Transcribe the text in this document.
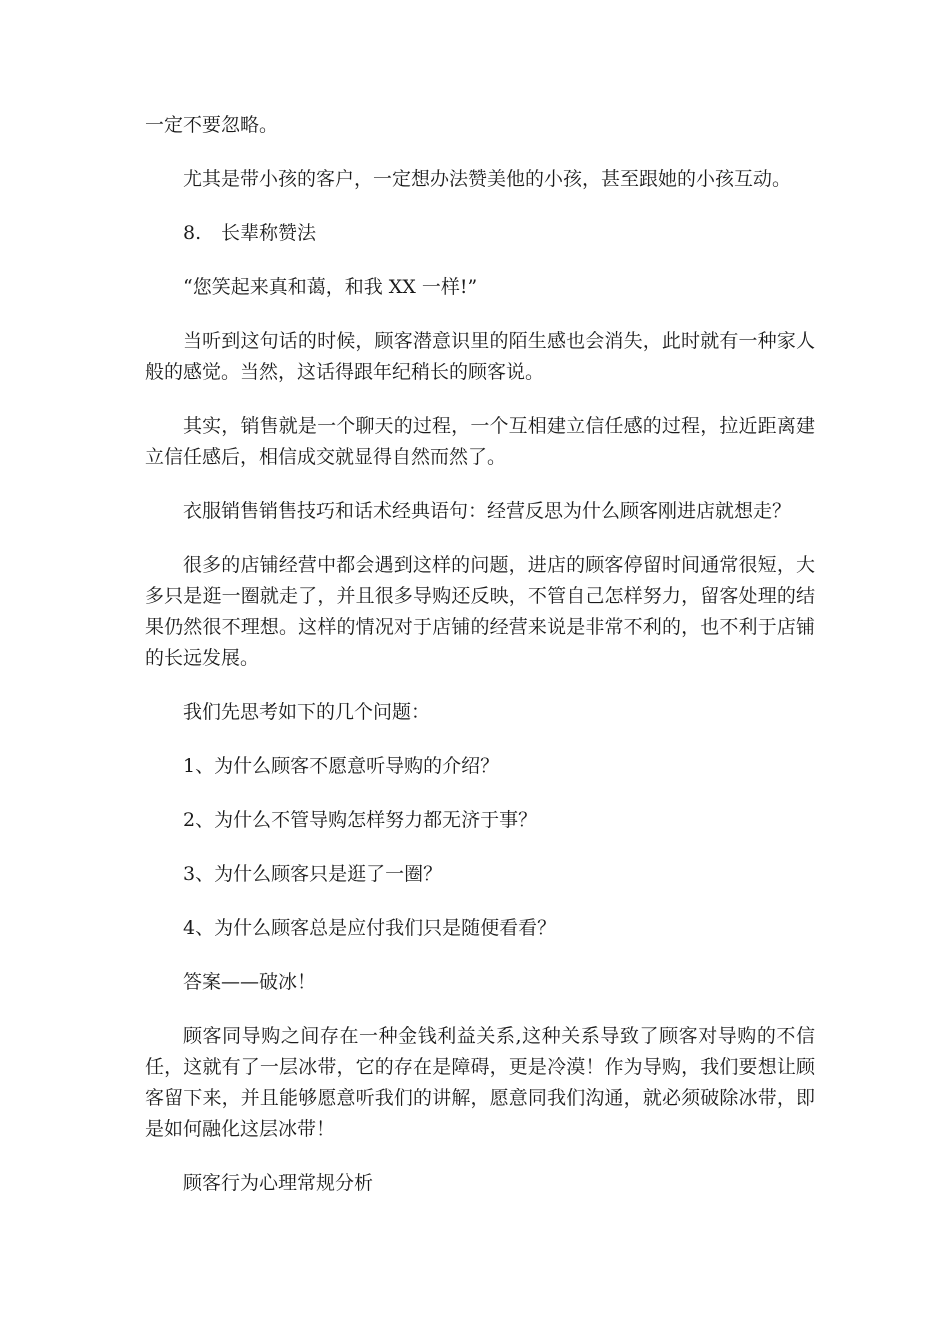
一定不要忽略。

尤其是带小孩的客户，一定想办法赞美他的小孩，甚至跟她的小孩互动。

8. 长辈称赞法

“您笑起来真和蔼，和我 XX 一样!”

当听到这句话的时候，顾客潜意识里的陌生感也会消失，此时就有一种家人般的感觉。当然，这话得跟年纪稍长的顾客说。

其实，销售就是一个聊天的过程，一个互相建立信任感的过程，拉近距离建立信任感后，相信成交就显得自然而然了。

衣服销售销售技巧和话术经典语句：经营反思为什么顾客刚进店就想走？

很多的店铺经营中都会遇到这样的问题，进店的顾客停留时间通常很短，大多只是逛一圈就走了，并且很多导购还反映，不管自己怎样努力，留客处理的结果仍然很不理想。这样的情况对于店铺的经营来说是非常不利的，也不利于店铺的长远发展。

我们先思考如下的几个问题：

1、为什么顾客不愿意听导购的介绍？

2、为什么不管导购怎样努力都无济于事？

3、为什么顾客只是逛了一圈？

4、为什么顾客总是应付我们只是随便看看？

答案——破冰！

顾客同导购之间存在一种金钱利益关系,这种关系导致了顾客对导购的不信任，这就有了一层冰带，它的存在是障碍，更是冷漠！作为导购，我们要想让顾客留下来，并且能够愿意听我们的讲解，愿意同我们沟通，就必须破除冰带，即是如何融化这层冰带！

顾客行为心理常规分析
